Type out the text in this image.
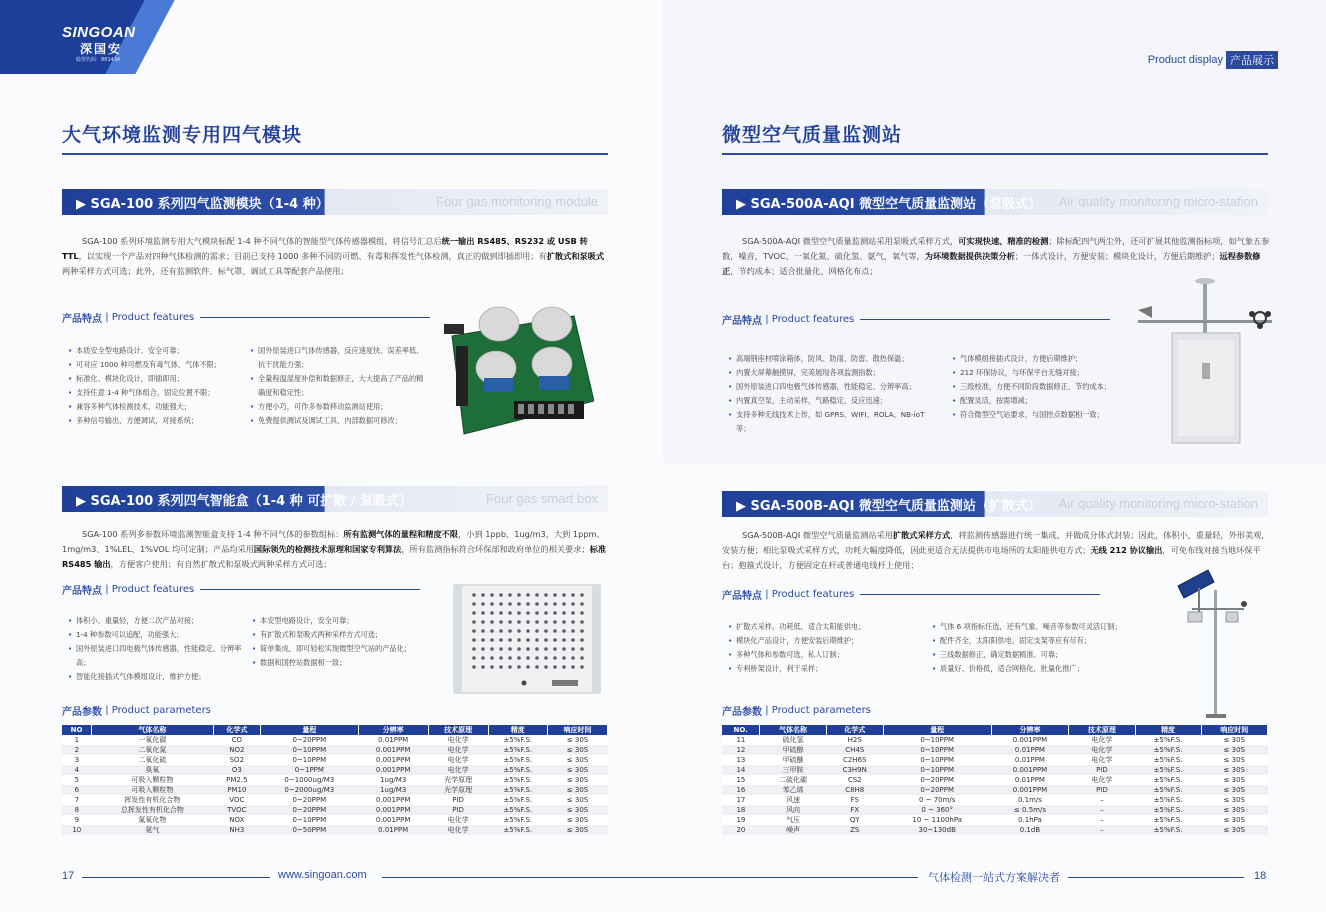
SINGOAN
深国安
股票代码：881434	Product display 产品展示
大气环境监测专用四气模块
▶ SGA-100 系列四气监测模块（1-4 种）	Four gas monitoring module
SGA-100 系列环境监测专用大气模块标配 1-4 种不同气体的智能型气体传感器模组，将信号汇总后统一输出 RS485、RS232 或 USB 转 TTL，以实现一个产品对四种气体检测的需求；目前已支持 1000 多种不同的可燃、有毒和挥发性气体检测，真正的做到即插即用；有扩散式和泵吸式两种采样方式可选；此外，还有监测软件、标气罩、调试工具等配套产品使用；
产品特点
| Product features
• 本质安全型电路设计、安全可靠；
• 可对应 1000 种可燃及有毒气体，气体不限；
• 标准化、模块化设计，即插即用；
• 支持任意 1-4 种气体组合，固定位置不限；
• 兼容多种气体检测技术，功能强大；
• 多种信号输出，方便调试，对接系统；
• 国外原装进口气体传感器，反应速度快、误差率低、抗干扰能力强；
• 全量程温湿度补偿和数据修正，大大提高了产品的精确度和稳定性；
• 方便小巧，可作多参数移动监测站使用；
• 免费提供测试及调试工具，内部数据可修改；
▶ SGA-100 系列四气智能盒（1-4 种 可扩散 / 泵吸式）	Four gas smart box
SGA-100 系列多参数环境监测智能盒支持 1-4 种不同气体的参数组标：所有监测气体的量程和精度不限，小到 1ppb、1ug/m3，大到 1ppm、1mg/m3、1%LEL、1%VOL 均可定制；产品均采用国际领先的检测技术原理和国家专利算法，所有监测指标符合环保部和政府单位的相关要求；标准 RS485 输出，方便客户使用；有自然扩散式和泵吸式两种采样方式可选；
产品特点
| Product features
• 体积小、重量轻，方便二次产品对接；
• 1-4 种参数可以追配，功能强大；
• 国外原装进口四电极气体传感器，性能稳定、分辨率高；
• 智能化接插式气体模组设计，维护方便；
• 本安型电路设计，安全可靠；
• 有扩散式和泵吸式两种采样方式可选；
• 简单集成，即可轻松实现微型空气站的产品化；
• 数据和国控站数据相一致；
产品参数
| Product parameters
NO	气体名称	化学式	量程	分辨率	技术原理	精度	响应时间
1	一氧化碳	CO	0~20PPM	0.01PPM	电化学	±5%F.S.	≤ 30S
2	二氧化氮	NO2	0~10PPM	0.001PPM	电化学	±5%F.S.	≤ 30S
3	二氧化硫	SO2	0~10PPM	0.001PPM	电化学	±5%F.S.	≤ 30S
4	臭氧	O3	0~1PPM	0.001PPM	电化学	±5%F.S.	≤ 30S
5	可吸入颗粒物	PM2.5	0~1000ug/M3	1ug/M3	光学原理	±5%F.S.	≤ 30S
6	可吸入颗粒物	PM10	0~2000ug/M3	1ug/M3	光学原理	±5%F.S.	≤ 30S
7	挥发性有机化合物	VOC	0~20PPM	0.001PPM	PID	±5%F.S.	≤ 30S
8	总挥发性有机化合物	TVOC	0~20PPM	0.001PPM	PID	±5%F.S.	≤ 30S
9	氮氧化物	NOX	0~10PPM	0.001PPM	电化学	±5%F.S.	≤ 30S
10	氨气	NH3	0~50PPM	0.01PPM	电化学	±5%F.S.	≤ 30S
微型空气质量监测站
▶ SGA-500A-AQI 微型空气质量监测站（泵吸式） Air quality monitoring micro-station
SGA-500A-AQI 微型空气质量监测站采用泵吸式采样方式，可实现快速、精准的检测；除标配四气两尘外，还可扩展其他监测指标项，如气象五参数，噪音，TVOC、一氧化氮、硫化氢、氨气、氧气等，为环境数据提供决策分析；一体式设计，方便安装；模块化设计，方便后期维护；远程参数修正，节约成本；适合批量化、网格化布点；
产品特点
| Product features
• 高端钢座材喷涂箱体，防风、防雨、防雷、散热保温；
• 内置大屏幕触摸屏，完美展现各项监测指数；
• 国外原装进口四电极气体传感器，性能稳定、分辨率高；
• 内置真空泵，主动采样，气路稳定，反应迅速；
• 支持多种无线技术上传，如 GPRS、WIFI、ROLA、NB-ioT 等；
• 气体模组接插式设计，方便后期维护；
• 212 环保协议，与环保平台无缝对接；
• 三级校准，方便不同阶段数据修正，节约成本；
• 配置灵活，按需增减；
• 符合微型空气站要求，与国控点数据相一致；
▶ SGA-500B-AQI 微型空气质量监测站（扩散式） Air quality monitoring micro-station
SGA-500B-AQI 微型空气质量监测站采用扩散式采样方式，将监测传感器进行统一集成，并做成分体式封装；因此，体积小，重量轻，外形美观，安装方便；相比泵吸式采样方式，功耗大幅度降低，因此更适合无法提供市电场所的太阳能供电方式；无线 212 协议输出，可免布线对接当地环保平台；抱箍式设计，方便固定在杆或普通电线杆上使用；
产品特点
| Product features
• 扩散式采样，功耗低，适合太阳能供电；
• 模块化产品设计，方便安装后期维护；
• 多种气体和参数可选，私人订制；
• 专利桥架设计，利于采样；
• 气体 6 项指标任选，还有气象、噪音等参数可灵活订制；
• 配件齐全，太阳阳供电，固定支架等应有尽有；
• 三线数据修正，确定数据精准、可靠；
• 质量好、价格低，适合网格化，批量化推广；
产品参数
| Product parameters
NO.	气体名称	化学式	量程	分辨率	技术原理	精度	响应时间
11	硫化氢	H2S	0~10PPM	0.001PPM	电化学	±5%F.S.	≤ 30S
12	甲硫醇	CH4S	0~10PPM	0.01PPM	电化学	±5%F.S.	≤ 30S
13	甲硫醚	C2H6S	0~10PPM	0.01PPM	电化学	±5%F.S.	≤ 30S
14	三甲胺	C3H9N	0~10PPM	0.001PPM	PID	±5%F.S.	≤ 30S
15	二硫化碳	CS2	0~20PPM	0.01PPM	电化学	±5%F.S.	≤ 30S
16	苯乙烯	C8H8	0~20PPM	0.001PPM	PID	±5%F.S.	≤ 30S
17	风速	FS	0 ~ 70m/s	0.1m/s	–	±5%F.S.	≤ 30S
18	风向	FX	0 ~ 360°	≤ 0.5m/s	–	±5%F.S.	≤ 30S
19	气压	QY	10 ~ 1100hPa	0.1hPa	–	±5%F.S.	≤ 30S
20	噪声	ZS	30~130dB	0.1dB	–	±5%F.S.	≤ 30S
17	www.singoan.com	气体检测一站式方案解决者	18
